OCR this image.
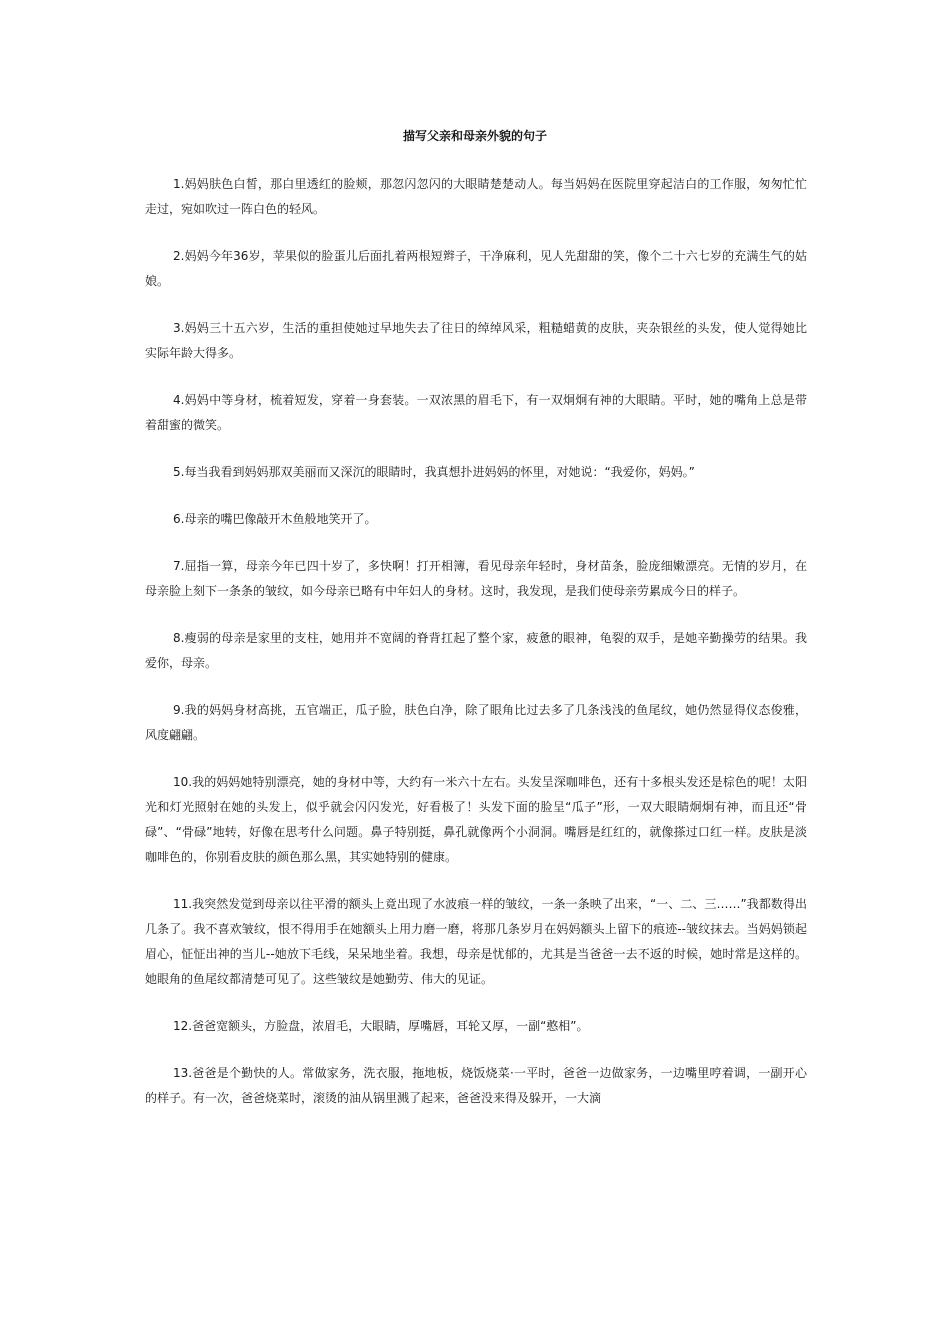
描写父亲和母亲外貌的句子

1.妈妈肤色白皙，那白里透红的脸颊，那忽闪忽闪的大眼睛楚楚动人。每当妈妈在医院里穿起洁白的工作服，匆匆忙忙走过，宛如吹过一阵白色的轻风。

2.妈妈今年36岁，苹果似的脸蛋儿后面扎着两根短辫子，干净麻利，见人先甜甜的笑，像个二十六七岁的充满生气的姑娘。

3.妈妈三十五六岁，生活的重担使她过早地失去了往日的绰绰风采，粗糙蜡黄的皮肤，夹杂银丝的头发，使人觉得她比实际年龄大得多。

4.妈妈中等身材，梳着短发，穿着一身套装。一双浓黑的眉毛下，有一双炯炯有神的大眼睛。平时，她的嘴角上总是带着甜蜜的微笑。

5.每当我看到妈妈那双美丽而又深沉的眼睛时，我真想扑进妈妈的怀里，对她说：“我爱你，妈妈。”

6.母亲的嘴巴像敲开木鱼般地笑开了。

7.屈指一算，母亲今年已四十岁了，多快啊！打开相簿，看见母亲年轻时，身材苗条，脸庞细嫩漂亮。无情的岁月，在母亲脸上刻下一条条的皱纹，如今母亲已略有中年妇人的身材。这时，我发现，是我们使母亲劳累成今日的样子。

8.瘦弱的母亲是家里的支柱，她用并不宽阔的脊背扛起了整个家，疲惫的眼神，龟裂的双手，是她辛勤操劳的结果。我爱你，母亲。

9.我的妈妈身材高挑，五官端正，瓜子脸，肤色白净，除了眼角比过去多了几条浅浅的鱼尾纹，她仍然显得仪态俊雅，风度翩翩。

10.我的妈妈她特别漂亮，她的身材中等，大约有一米六十左右。头发呈深咖啡色，还有十多根头发还是棕色的呢！太阳光和灯光照射在她的头发上，似乎就会闪闪发光，好看极了！头发下面的脸呈“瓜子”形，一双大眼睛炯炯有神，而且还“骨碌”、“骨碌”地转，好像在思考什么问题。鼻子特别挺，鼻孔就像两个小洞洞。嘴唇是红红的，就像搽过口红一样。皮肤是淡咖啡色的，你别看皮肤的颜色那么黑，其实她特别的健康。

11.我突然发觉到母亲以往平滑的额头上竟出现了水波痕一样的皱纹，一条一条映了出来，“一、二、三……”我都数得出几条了。我不喜欢皱纹，恨不得用手在她额头上用力磨一磨，将那几条岁月在妈妈额头上留下的痕迹--皱纹抹去。当妈妈锁起眉心，怔怔出神的当儿--她放下毛线，呆呆地坐着。我想，母亲是忧郁的，尤其是当爸爸一去不返的时候，她时常是这样的。她眼角的鱼尾纹都清楚可见了。这些皱纹是她勤劳、伟大的见证。

12.爸爸宽额头，方脸盘，浓眉毛，大眼睛，厚嘴唇，耳轮又厚，一副“憨相”。

13.爸爸是个勤快的人。常做家务，洗衣服，拖地板，烧饭烧菜·一平时，爸爸一边做家务，一边嘴里哼着调，一副开心的样子。有一次，爸爸烧菜时，滚烫的油从锅里溅了起来，爸爸没来得及躲开，一大滴
